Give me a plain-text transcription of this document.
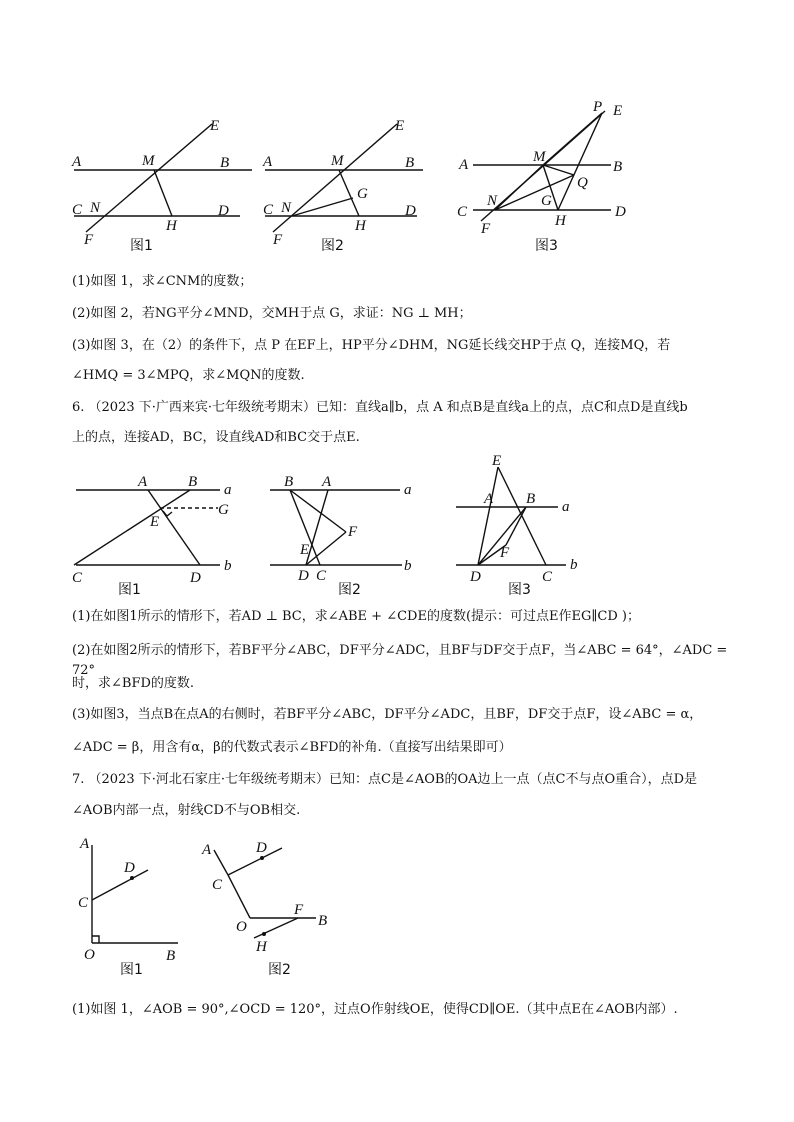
A	B
C	D
E
F
M
N
H
图1
A	B
C	D
E
F
M
N
H
G
图2
A	B
C	D
E
P
F
M
N
H
G
Q
图3
(1)如图 1，求∠CNM的度数；
(2)如图 2，若NG平分∠MND，交MH于点 G，求证：NG ⊥ MH；
(3)如图 3，在（2）的条件下，点 P 在EF上，HP平分∠DHM，NG延长线交HP于点 Q，连接MQ，若
∠HMQ = 3∠MPQ，求∠MQN的度数.
6. （2023 下·广西来宾·七年级统考期末）已知：直线a∥b，点 A 和点B是直线a上的点，点C和点D是直线b
上的点，连接AD，BC，设直线AD和BC交于点E.
A	B a
E
G
C	D
b
图1
B A	a
F
E
D C
b
图2
E
A B a
F
D	C
b
图3
(1)在如图1所示的情形下，若AD ⊥ BC，求∠ABE + ∠CDE的度数(提示：可过点E作EG∥CD )；
(2)在如图2所示的情形下，若BF平分∠ABC，DF平分∠ADC，且BF与DF交于点F，当∠ABC = 64°，∠ADC = 72°
时，求∠BFD的度数.
(3)如图3，当点B在点A的右侧时，若BF平分∠ABC，DF平分∠ADC，且BF，DF交于点F，设∠ABC = α，
∠ADC = β，用含有α，β的代数式表示∠BFD的补角.（直接写出结果即可）
7. （2023 下·河北石家庄·七年级统考期末）已知：点C是∠AOB的OA边上一点（点C不与点O重合），点D是
∠AOB内部一点，射线CD不与OB相交.
A
D
C
O	B
图1
A	D
C
F
O	B
H
图2
(1)如图 1，∠AOB = 90°,∠OCD = 120°，过点O作射线OE，使得CD∥OE.（其中点E在∠AOB内部）.
